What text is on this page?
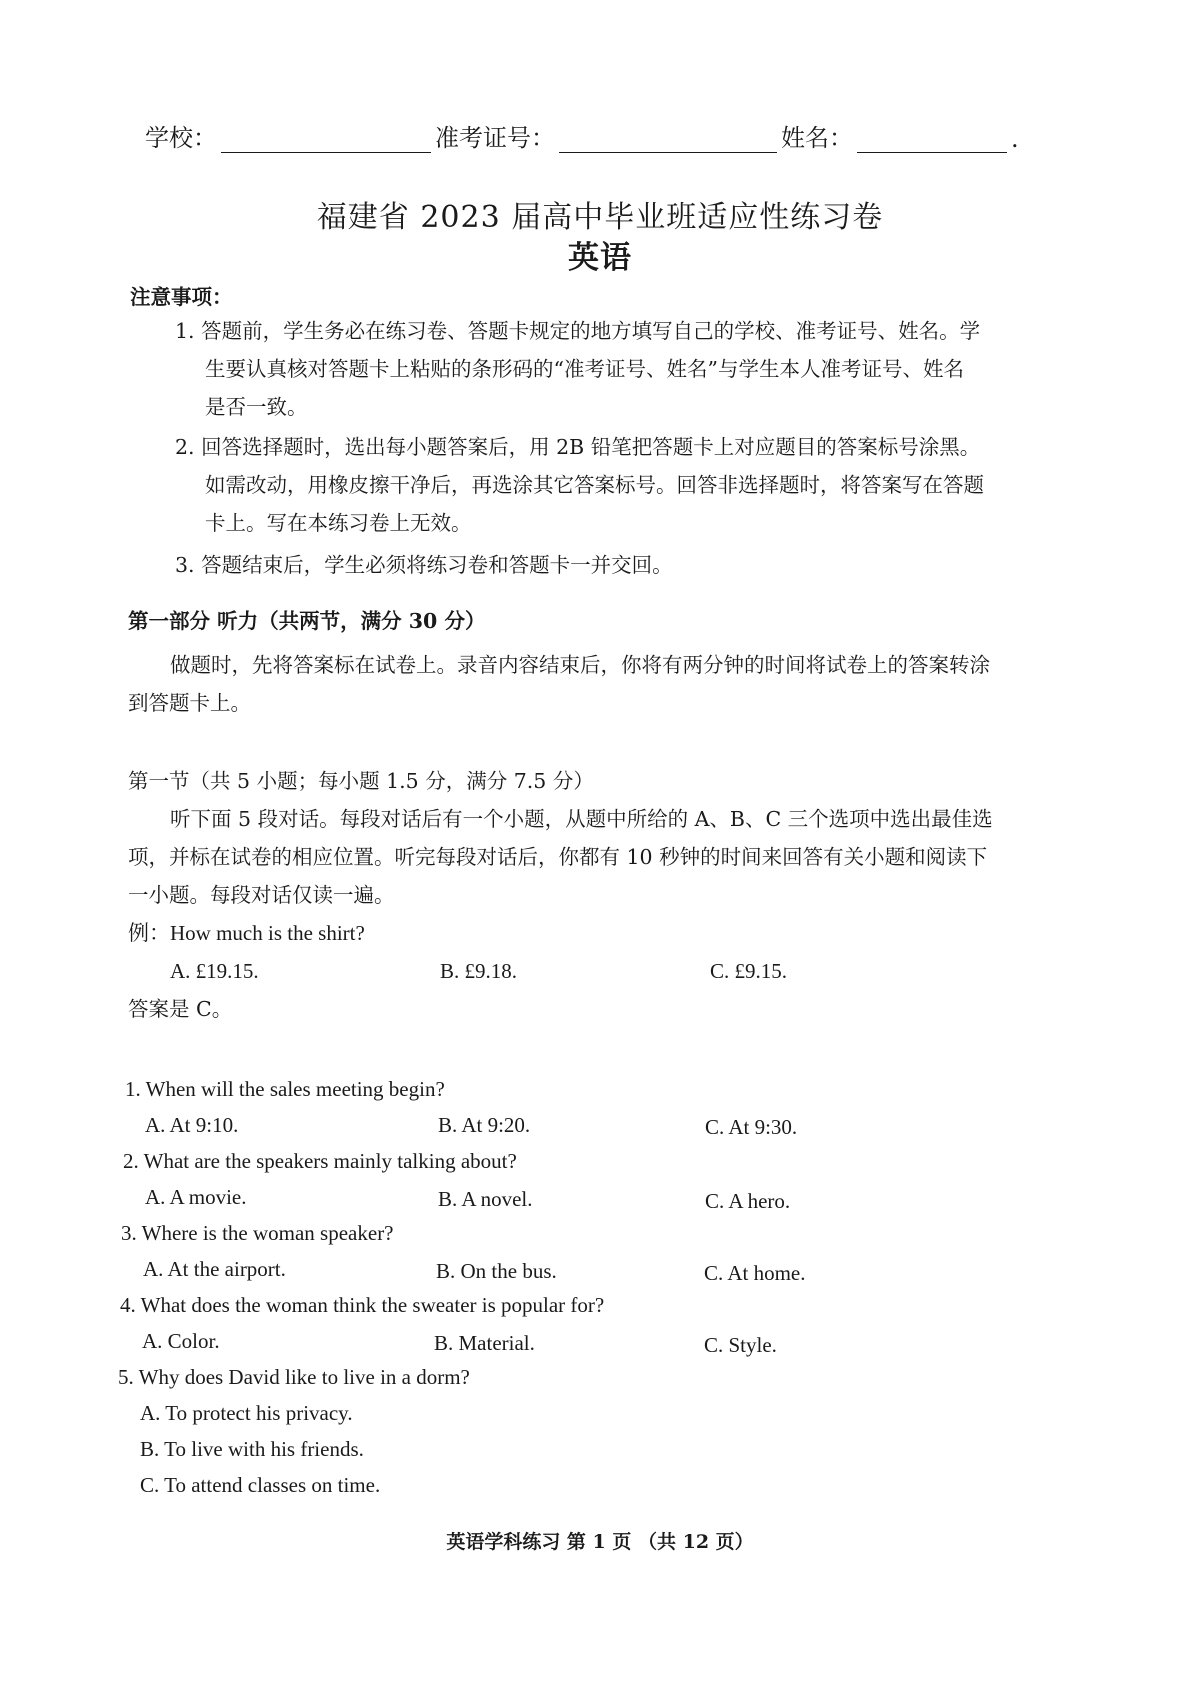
学校：	准考证号：	姓名：	.
福建省 2023 届高中毕业班适应性练习卷
英语
注意事项：
1. 答题前，学生务必在练习卷、答题卡规定的地方填写自己的学校、准考证号、姓名。学
生要认真核对答题卡上粘贴的条形码的“准考证号、姓名”与学生本人准考证号、姓名
是否一致。
2. 回答选择题时，选出每小题答案后，用 2B 铅笔把答题卡上对应题目的答案标号涂黑。
如需改动，用橡皮擦干净后，再选涂其它答案标号。回答非选择题时，将答案写在答题
卡上。写在本练习卷上无效。
3. 答题结束后，学生必须将练习卷和答题卡一并交回。
第一部分 听力（共两节，满分 30 分）
做题时，先将答案标在试卷上。录音内容结束后，你将有两分钟的时间将试卷上的答案转涂
到答题卡上。
第一节（共 5 小题；每小题 1.5 分，满分 7.5 分）
听下面 5 段对话。每段对话后有一个小题，从题中所给的 A、B、C 三个选项中选出最佳选
项，并标在试卷的相应位置。听完每段对话后，你都有 10 秒钟的时间来回答有关小题和阅读下
一小题。每段对话仅读一遍。
例：How much is the shirt?
A. £19.15.	B. £9.18.	C. £9.15.
答案是 C。
1. When will the sales meeting begin?
A. At 9:10.	B. At 9:20.	C. At 9:30.
2. What are the speakers mainly talking about?
A. A movie.	B. A novel.	C. A hero.
3. Where is the woman speaker?
A. At the airport.	B. On the bus.	C. At home.
4. What does the woman think the sweater is popular for?
A. Color.	B. Material.	C. Style.
5. Why does David like to live in a dorm?
A. To protect his privacy.
B. To live with his friends.
C. To attend classes on time.
英语学科练习 第 1 页 （共 12 页）
